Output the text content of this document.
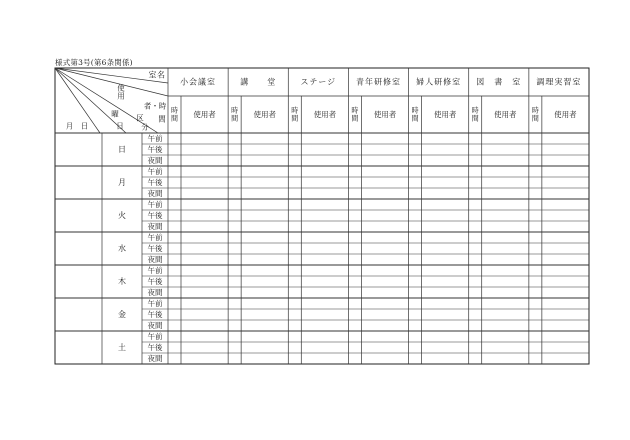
様式第3号(第6条関係)
室名
使
用
者・時
間
区
分
曜
日
月　日
小会議室
時
間 使用者
講　　堂
時
間 使用者
ステージ
時
間 使用者
青年研修室
時
間 使用者
婦人研修室
時
間 使用者
図　書　室
時
間 使用者
調理実習室
時
間 使用者
日
午前
午後
夜間
月
午前
午後
夜間
火
午前
午後
夜間
水
午前
午後
夜間
木
午前
午後
夜間
金
午前
午後
夜間
土
午前
午後
夜間
